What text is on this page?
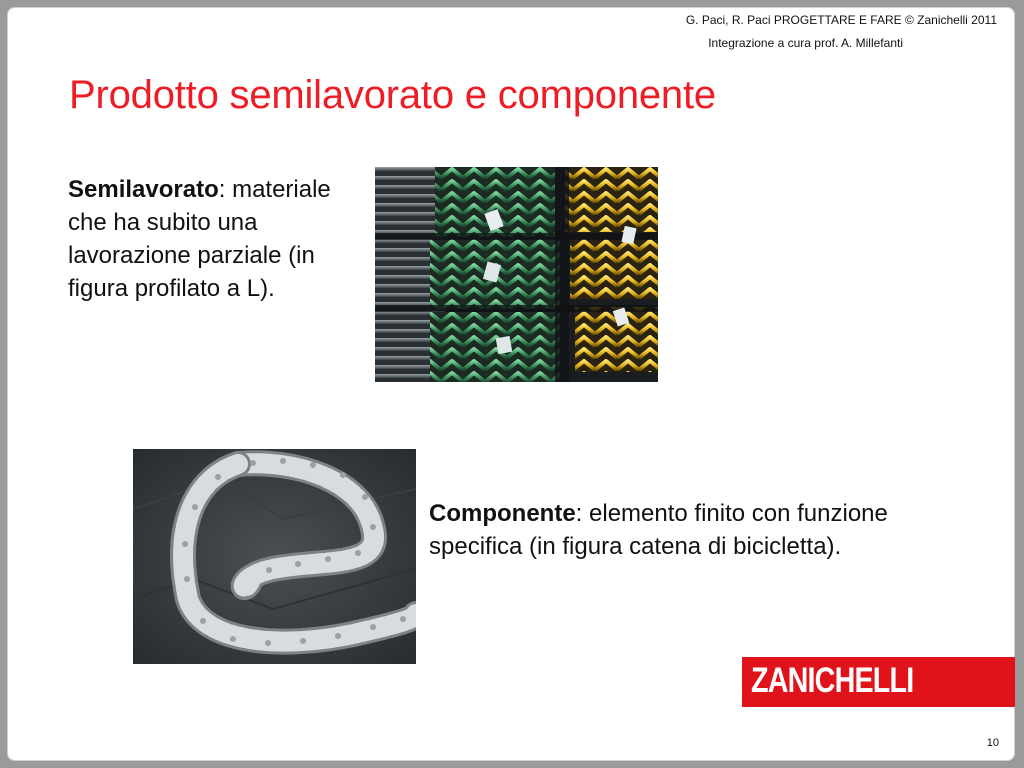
G. Paci, R. Paci PROGETTARE E FARE © Zanichelli 2011
Integrazione a cura prof. A. Millefanti
Prodotto semilavorato e componente
Semilavorato: materiale che ha subito una lavorazione parziale (in figura profilato a L).
Componente: elemento finito con funzione specifica (in figura catena di bicicletta).
ZANICHELLI
10
